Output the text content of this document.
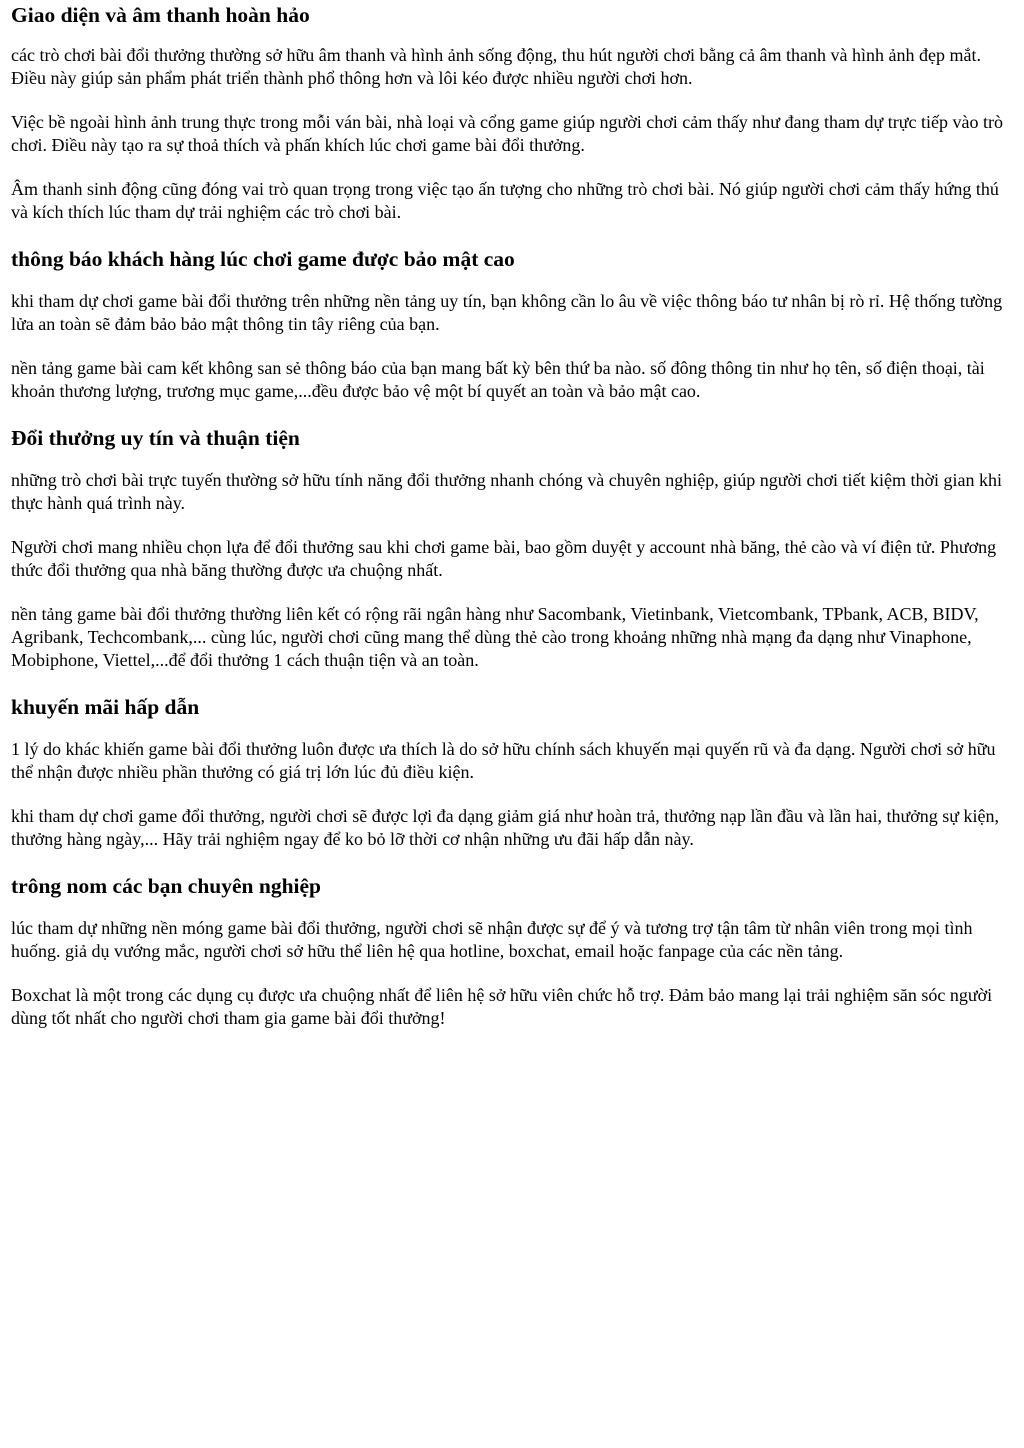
Giao diện và âm thanh hoàn hảo

các trò chơi bài đổi thưởng thường sở hữu âm thanh và hình ảnh sống động, thu hút người chơi bằng cả âm thanh và hình ảnh đẹp mắt. Điều này giúp sản phẩm phát triển thành phổ thông hơn và lôi kéo được nhiều người chơi hơn.

Việc bề ngoài hình ảnh trung thực trong mỗi ván bài, nhà loại và cổng game giúp người chơi cảm thấy như đang tham dự trực tiếp vào trò chơi. Điều này tạo ra sự thoả thích và phấn khích lúc chơi game bài đổi thưởng.

Âm thanh sinh động cũng đóng vai trò quan trọng trong việc tạo ấn tượng cho những trò chơi bài. Nó giúp người chơi cảm thấy hứng thú và kích thích lúc tham dự trải nghiệm các trò chơi bài.

thông báo khách hàng lúc chơi game được bảo mật cao

khi tham dự chơi game bài đổi thưởng trên những nền tảng uy tín, bạn không cần lo âu về việc thông báo tư nhân bị rò rỉ. Hệ thống tường lửa an toàn sẽ đảm bảo bảo mật thông tin tây riêng của bạn.

nền tảng game bài cam kết không san sẻ thông báo của bạn mang bất kỳ bên thứ ba nào. số đông thông tin như họ tên, số điện thoại, tài khoản thương lượng, trương mục game,...đều được bảo vệ một bí quyết an toàn và bảo mật cao.

Đổi thưởng uy tín và thuận tiện

những trò chơi bài trực tuyến thường sở hữu tính năng đổi thưởng nhanh chóng và chuyên nghiệp, giúp người chơi tiết kiệm thời gian khi thực hành quá trình này.

Người chơi mang nhiều chọn lựa để đổi thưởng sau khi chơi game bài, bao gồm duyệt y account nhà băng, thẻ cào và ví điện tử. Phương thức đổi thưởng qua nhà băng thường được ưa chuộng nhất.

nền tảng game bài đổi thưởng thường liên kết có rộng rãi ngân hàng như Sacombank, Vietinbank, Vietcombank, TPbank, ACB, BIDV, Agribank, Techcombank,... cùng lúc, người chơi cũng mang thể dùng thẻ cào trong khoảng những nhà mạng đa dạng như Vinaphone, Mobiphone, Viettel,...để đổi thưởng 1 cách thuận tiện và an toàn.

khuyến mãi hấp dẫn

1 lý do khác khiến game bài đổi thưởng luôn được ưa thích là do sở hữu chính sách khuyến mại quyến rũ và đa dạng. Người chơi sở hữu thể nhận được nhiều phần thưởng có giá trị lớn lúc đủ điều kiện.

khi tham dự chơi game đổi thưởng, người chơi sẽ được lợi đa dạng giảm giá như hoàn trả, thưởng nạp lần đầu và lần hai, thưởng sự kiện, thưởng hàng ngày,... Hãy trải nghiệm ngay để ko bỏ lỡ thời cơ nhận những ưu đãi hấp dẫn này.

trông nom các bạn chuyên nghiệp

lúc tham dự những nền móng game bài đổi thưởng, người chơi sẽ nhận được sự để ý và tương trợ tận tâm từ nhân viên trong mọi tình huống. giả dụ vướng mắc, người chơi sở hữu thể liên hệ qua hotline, boxchat, email hoặc fanpage của các nền tảng.

Boxchat là một trong các dụng cụ được ưa chuộng nhất để liên hệ sở hữu viên chức hỗ trợ. Đảm bảo mang lại trải nghiệm săn sóc người dùng tốt nhất cho người chơi tham gia game bài đổi thưởng!
